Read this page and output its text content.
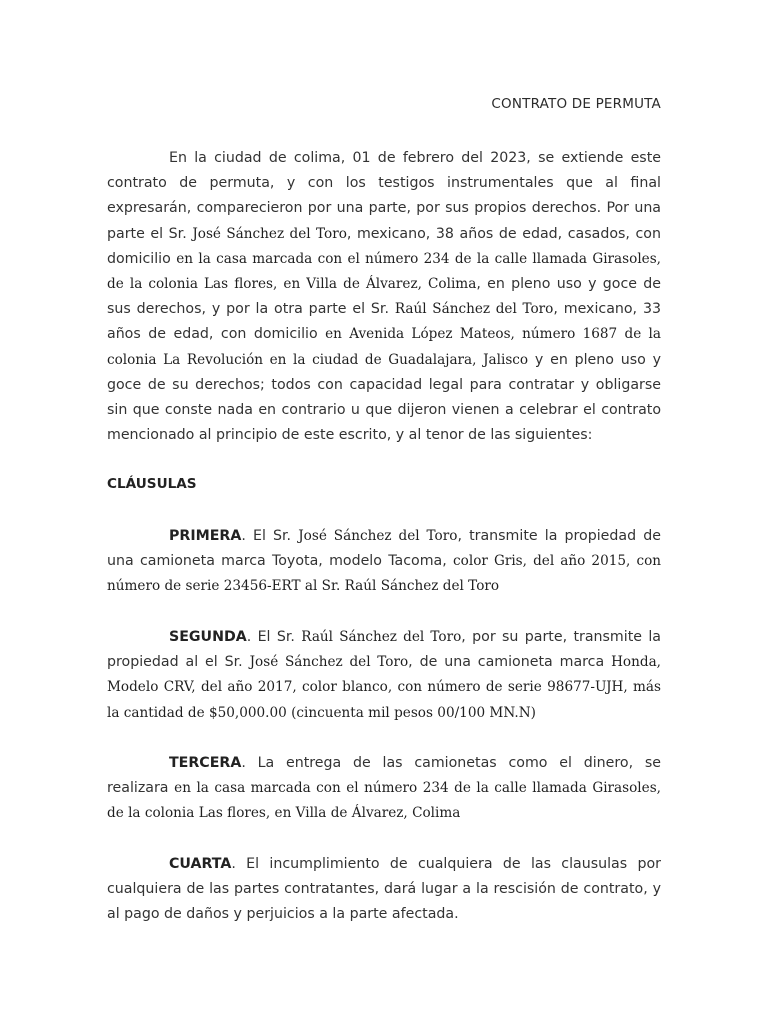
CONTRATO DE PERMUTA
En la ciudad de colima, 01 de febrero del 2023, se extiende este contrato de permuta, y con los testigos instrumentales que al final expresarán, comparecieron por una parte, por sus propios derechos. Por una parte el Sr. José Sánchez del Toro, mexicano, 38 años de edad, casados, con domicilio en la casa marcada con el número 234 de la calle llamada Girasoles, de la colonia Las flores, en Villa de Álvarez, Colima, en pleno uso y goce de sus derechos, y por la otra parte el Sr. Raúl Sánchez del Toro, mexicano, 33 años de edad, con domicilio en Avenida López Mateos, número 1687 de la colonia La Revolución en la ciudad de Guadalajara, Jalisco y en pleno uso y goce de su derechos; todos con capacidad legal para contratar y obligarse sin que conste nada en contrario u que dijeron vienen a celebrar el contrato mencionado al principio de este escrito, y al tenor de las siguientes:
CLÁUSULAS
PRIMERA. El Sr. José Sánchez del Toro, transmite la propiedad de una camioneta marca Toyota, modelo Tacoma, color Gris, del año 2015, con número de serie 23456-ERT al Sr. Raúl Sánchez del Toro
SEGUNDA. El Sr. Raúl Sánchez del Toro, por su parte, transmite la propiedad al el Sr. José Sánchez del Toro, de una camioneta marca Honda, Modelo CRV, del año 2017, color blanco, con número de serie 98677-UJH, más la cantidad de $50,000.00 (cincuenta mil pesos 00/100 MN.N)
TERCERA. La entrega de las camionetas como el dinero, se realizara en la casa marcada con el número 234 de la calle llamada Girasoles, de la colonia Las flores, en Villa de Álvarez, Colima
CUARTA. El incumplimiento de cualquiera de las clausulas por cualquiera de las partes contratantes, dará lugar a la rescisión de contrato, y al pago de daños y perjuicios a la parte afectada.
